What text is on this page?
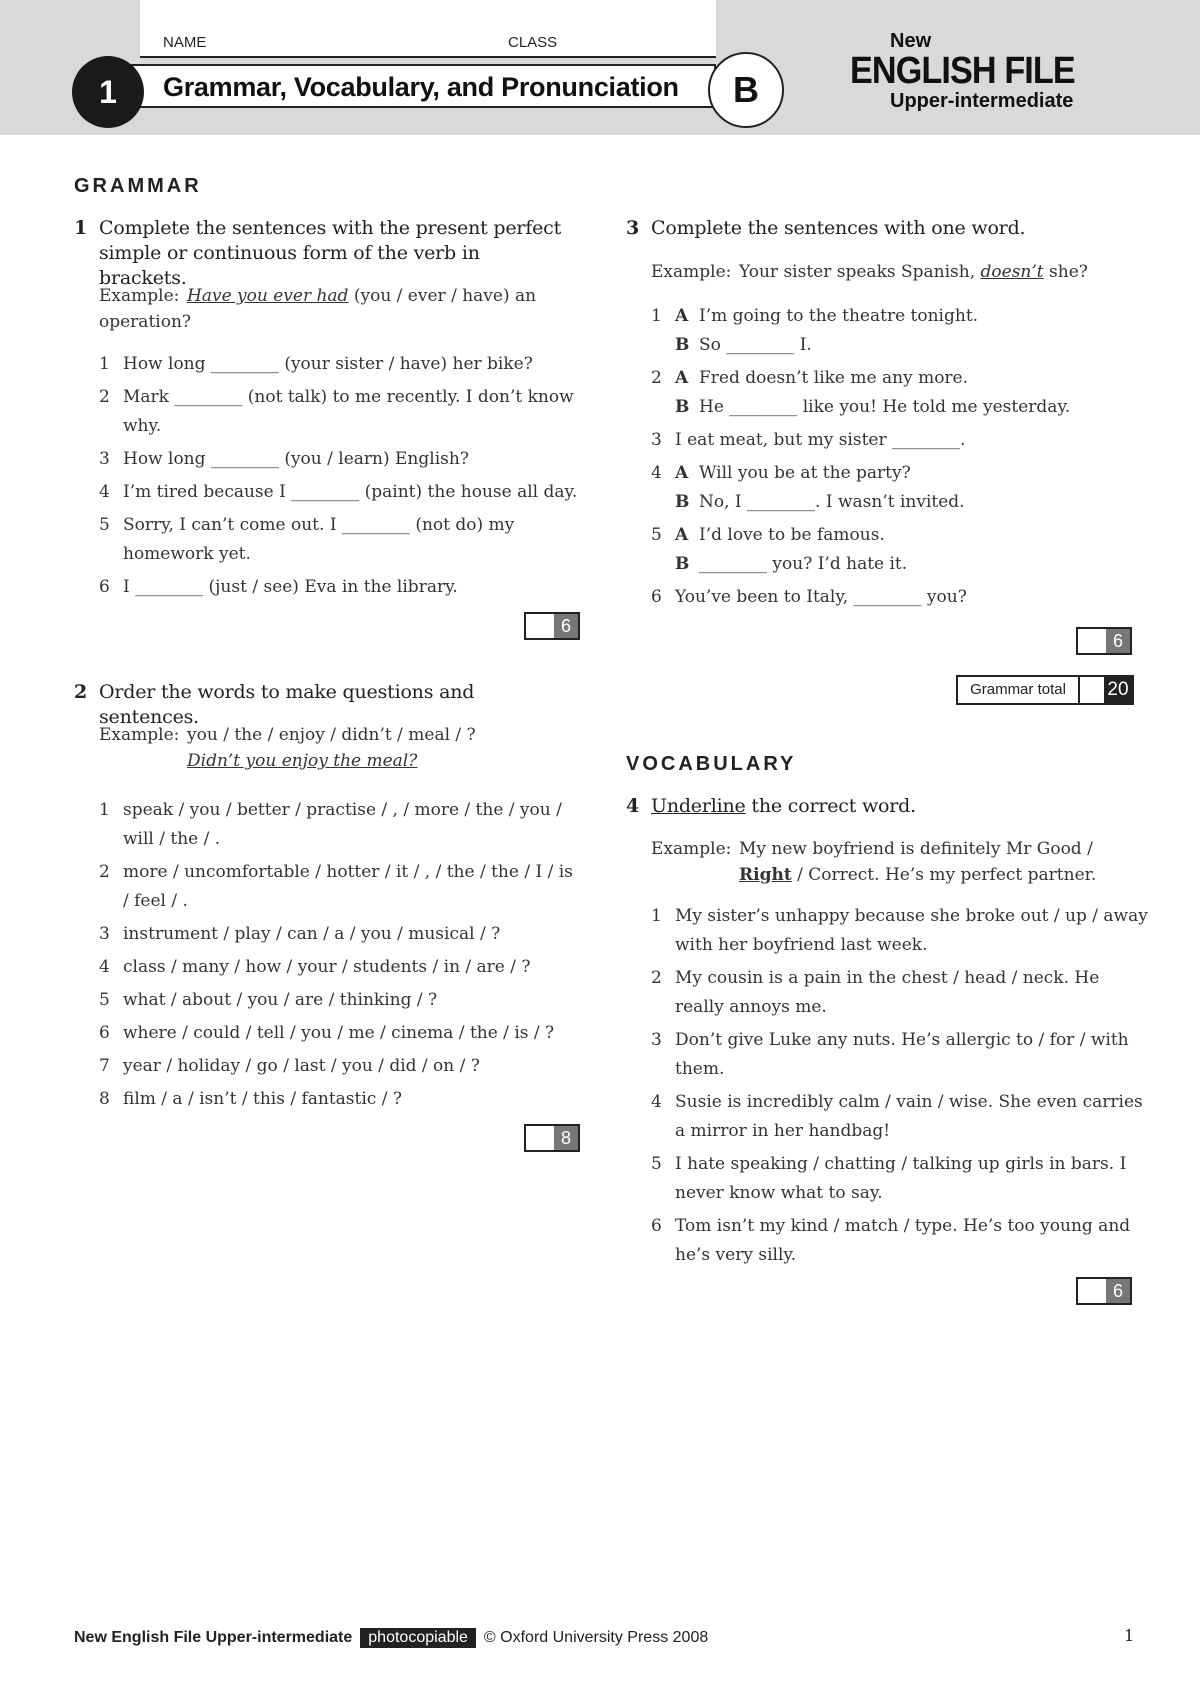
NAME	CLASS
Grammar, Vocabulary, and Pronunciation
1	B
New
ENGLISH FILE
Upper-intermediate
GRAMMAR
1 Complete the sentences with the present perfect simple or continuous form of the verb in brackets.
Example: Have you ever had (you / ever / have) an operation?
1 How long ________ (your sister / have) her bike?
2 Mark ________ (not talk) to me recently. I don’t know why.
3 How long ________ (you / learn) English?
4 I’m tired because I ________ (paint) the house all day.
5 Sorry, I can’t come out. I ________ (not do) my homework yet.
6 I ________ (just / see) Eva in the library.
6
2 Order the words to make questions and sentences.
Example: you / the / enjoy / didn’t / meal / ?
Didn’t you enjoy the meal?
1 speak / you / better / practise / , / more / the / you / will / the / .
2 more / uncomfortable / hotter / it / , / the / the / I / is / feel / .
3 instrument / play / can / a / you / musical / ?
4 class / many / how / your / students / in / are / ?
5 what / about / you / are / thinking / ?
6 where / could / tell / you / me / cinema / the / is / ?
7 year / holiday / go / last / you / did / on / ?
8 film / a / isn’t / this / fantastic / ?
8
3 Complete the sentences with one word.
Example: Your sister speaks Spanish, doesn’t she?
1 A I’m going to the theatre tonight.
B So ________ I.
2 A Fred doesn’t like me any more.
B He ________ like you! He told me yesterday.
3 I eat meat, but my sister ________.
4 A Will you be at the party?
B No, I ________. I wasn’t invited.
5 A I’d love to be famous.
B ________ you? I’d hate it.
6 You’ve been to Italy, ________ you?
6
Grammar total	20
VOCABULARY
4 Underline the correct word.
Example: My new boyfriend is definitely Mr Good /
Right / Correct. He’s my perfect partner.
1 My sister’s unhappy because she broke out / up / away with her boyfriend last week.
2 My cousin is a pain in the chest / head / neck. He really annoys me.
3 Don’t give Luke any nuts. He’s allergic to / for / with them.
4 Susie is incredibly calm / vain / wise. She even carries a mirror in her handbag!
5 I hate speaking / chatting / talking up girls in bars. I never know what to say.
6 Tom isn’t my kind / match / type. He’s too young and he’s very silly.
6
New English File Upper-intermediate photocopiable © Oxford University Press 2008	1
